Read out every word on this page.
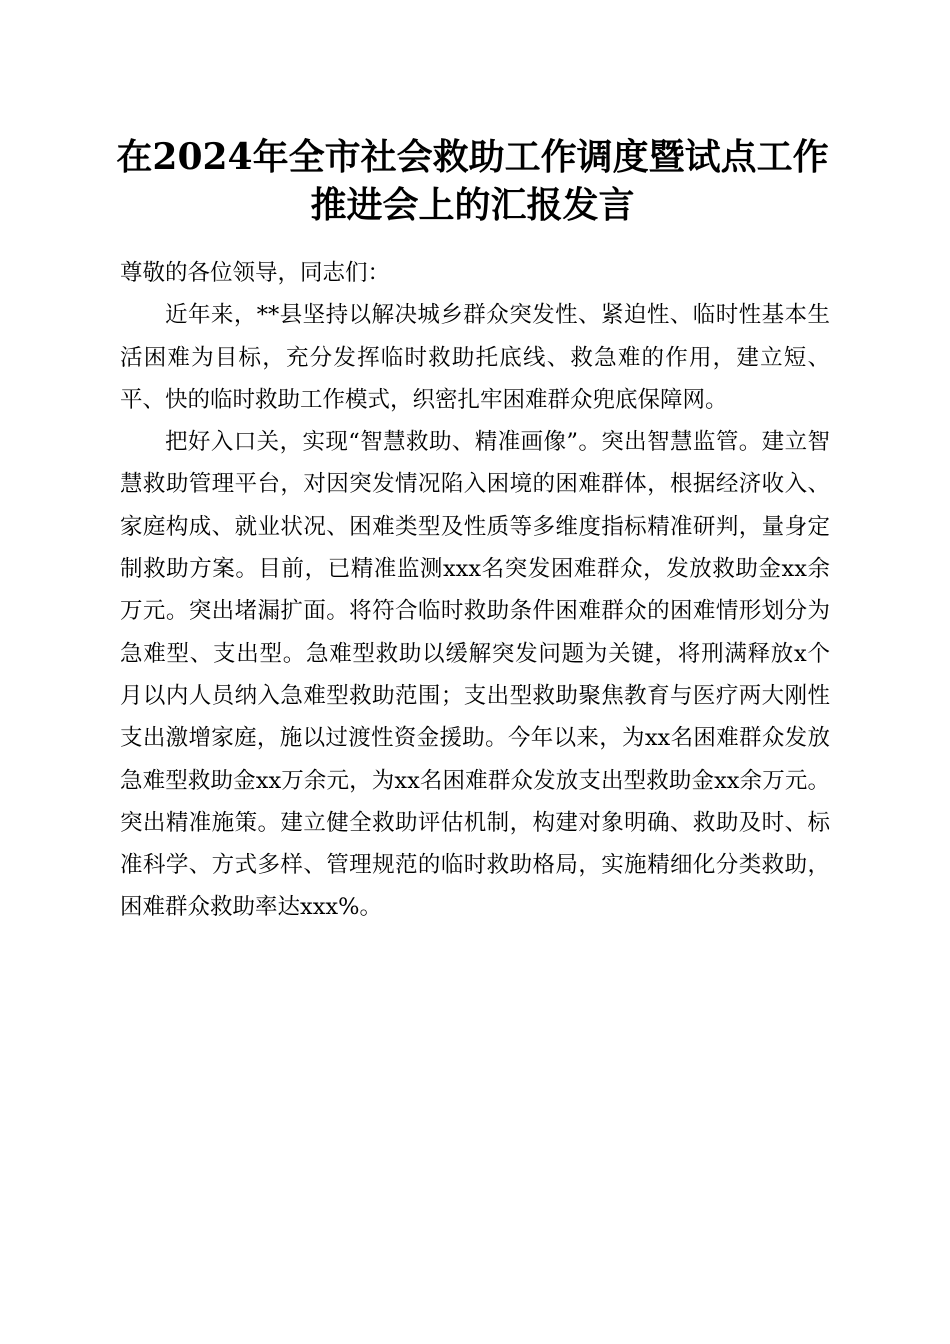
在2024年全市社会救助工作调度暨试点工作
推进会上的汇报发言

尊敬的各位领导，同志们：

近年来，**县坚持以解决城乡群众突发性、紧迫性、临时性基本生活困难为目标，充分发挥临时救助托底线、救急难的作用，建立短、平、快的临时救助工作模式，织密扎牢困难群众兜底保障网。

把好入口关，实现“智慧救助、精准画像”。突出智慧监管。建立智慧救助管理平台，对因突发情况陷入困境的困难群体，根据经济收入、家庭构成、就业状况、困难类型及性质等多维度指标精准研判，量身定制救助方案。目前，已精准监测xxx名突发困难群众，发放救助金xx余万元。突出堵漏扩面。将符合临时救助条件困难群众的困难情形划分为急难型、支出型。急难型救助以缓解突发问题为关键，将刑满释放x个月以内人员纳入急难型救助范围；支出型救助聚焦教育与医疗两大刚性支出激增家庭，施以过渡性资金援助。今年以来，为xx名困难群众发放急难型救助金xx万余元，为xx名困难群众发放支出型救助金xx余万元。突出精准施策。建立健全救助评估机制，构建对象明确、救助及时、标准科学、方式多样、管理规范的临时救助格局，实施精细化分类救助，困难群众救助率达xxx%。
